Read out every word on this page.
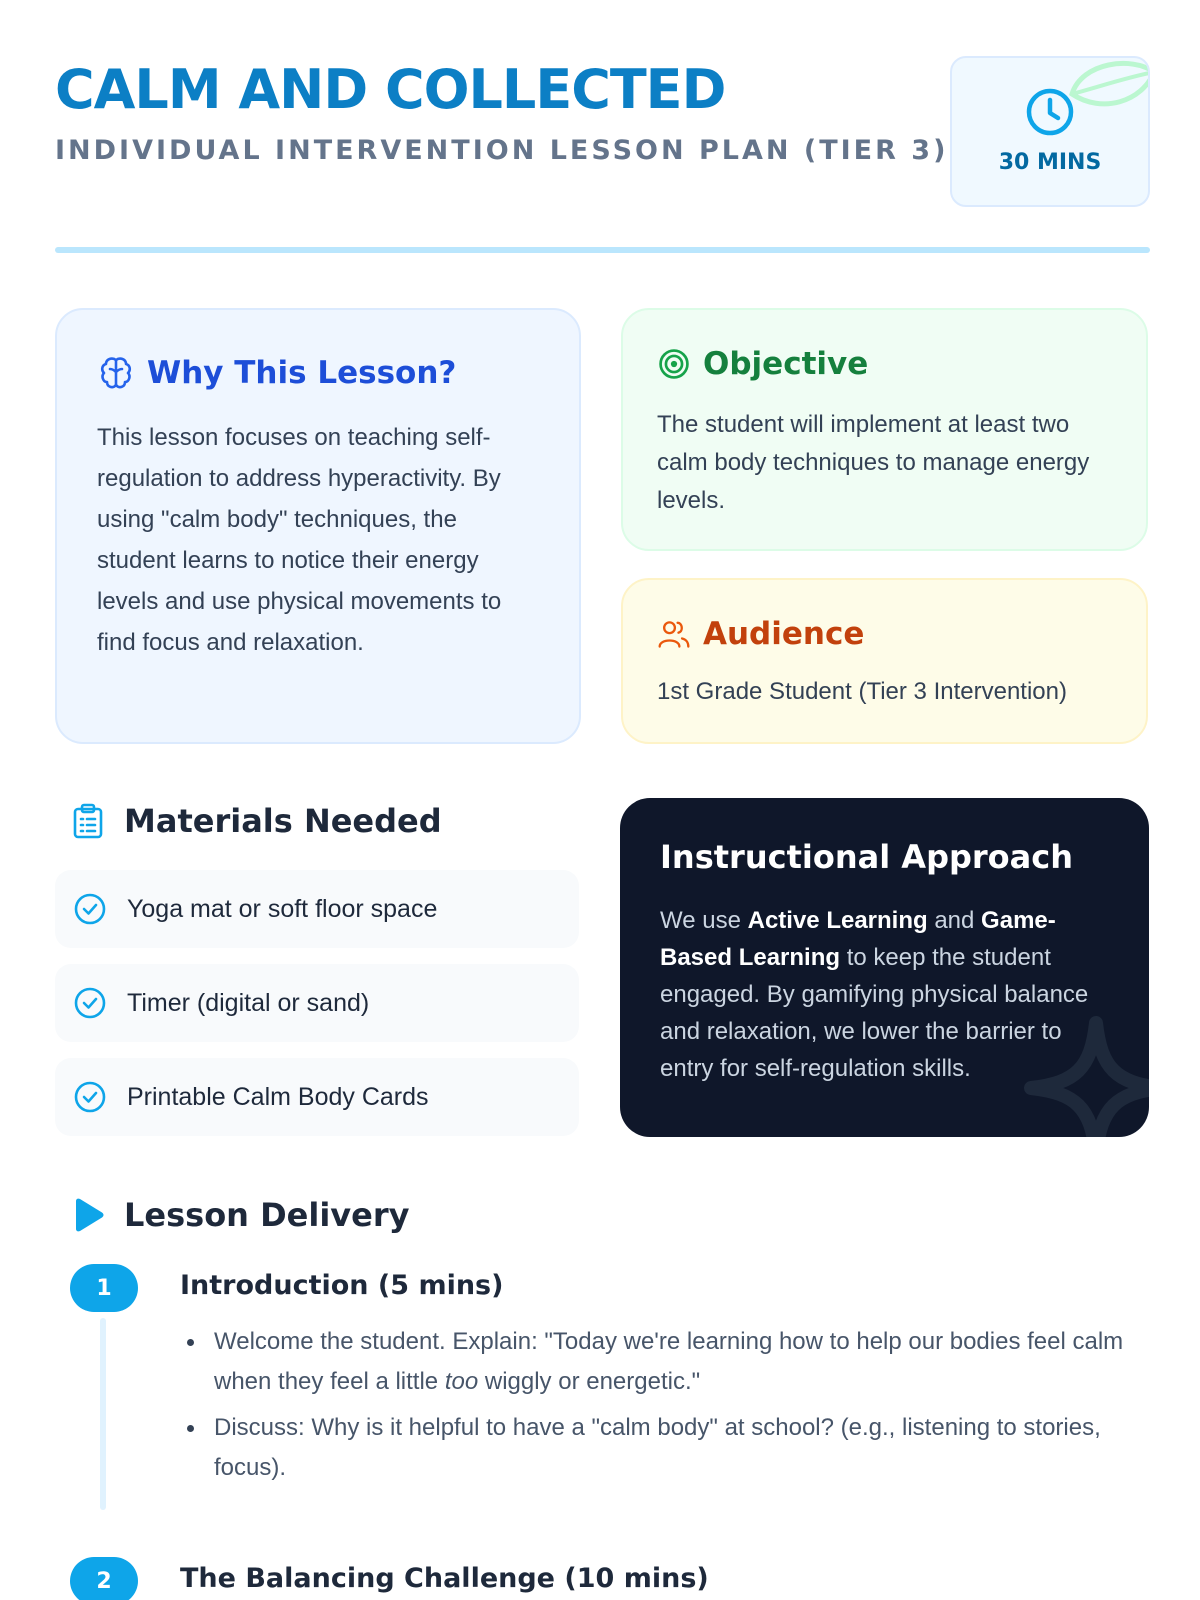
CALM AND COLLECTED
INDIVIDUAL INTERVENTION LESSON PLAN (TIER 3)	30 MINS
Why This Lesson?

This lesson focuses on teaching self-regulation to address hyperactivity. By using "calm body" techniques, the student learns to notice their energy levels and use physical movements to find focus and relaxation.

Objective

The student will implement at least two calm body techniques to manage energy levels.

Audience

1st Grade Student (Tier 3 Intervention)

Materials Needed
Yoga mat or soft floor space
Timer (digital or sand)
Printable Calm Body Cards
Instructional Approach

We use Active Learning and Game-Based Learning to keep the student engaged. By gamifying physical balance and relaxation, we lower the barrier to entry for self-regulation skills.

Lesson Delivery
1	Introduction (5 mins)
Welcome the student. Explain: "Today we're learning how to help our bodies feel calm when they feel a little too wiggly or energetic."
Discuss: Why is it helpful to have a "calm body" at school? (e.g., listening to stories, focus).
2	The Balancing Challenge (10 mins)
